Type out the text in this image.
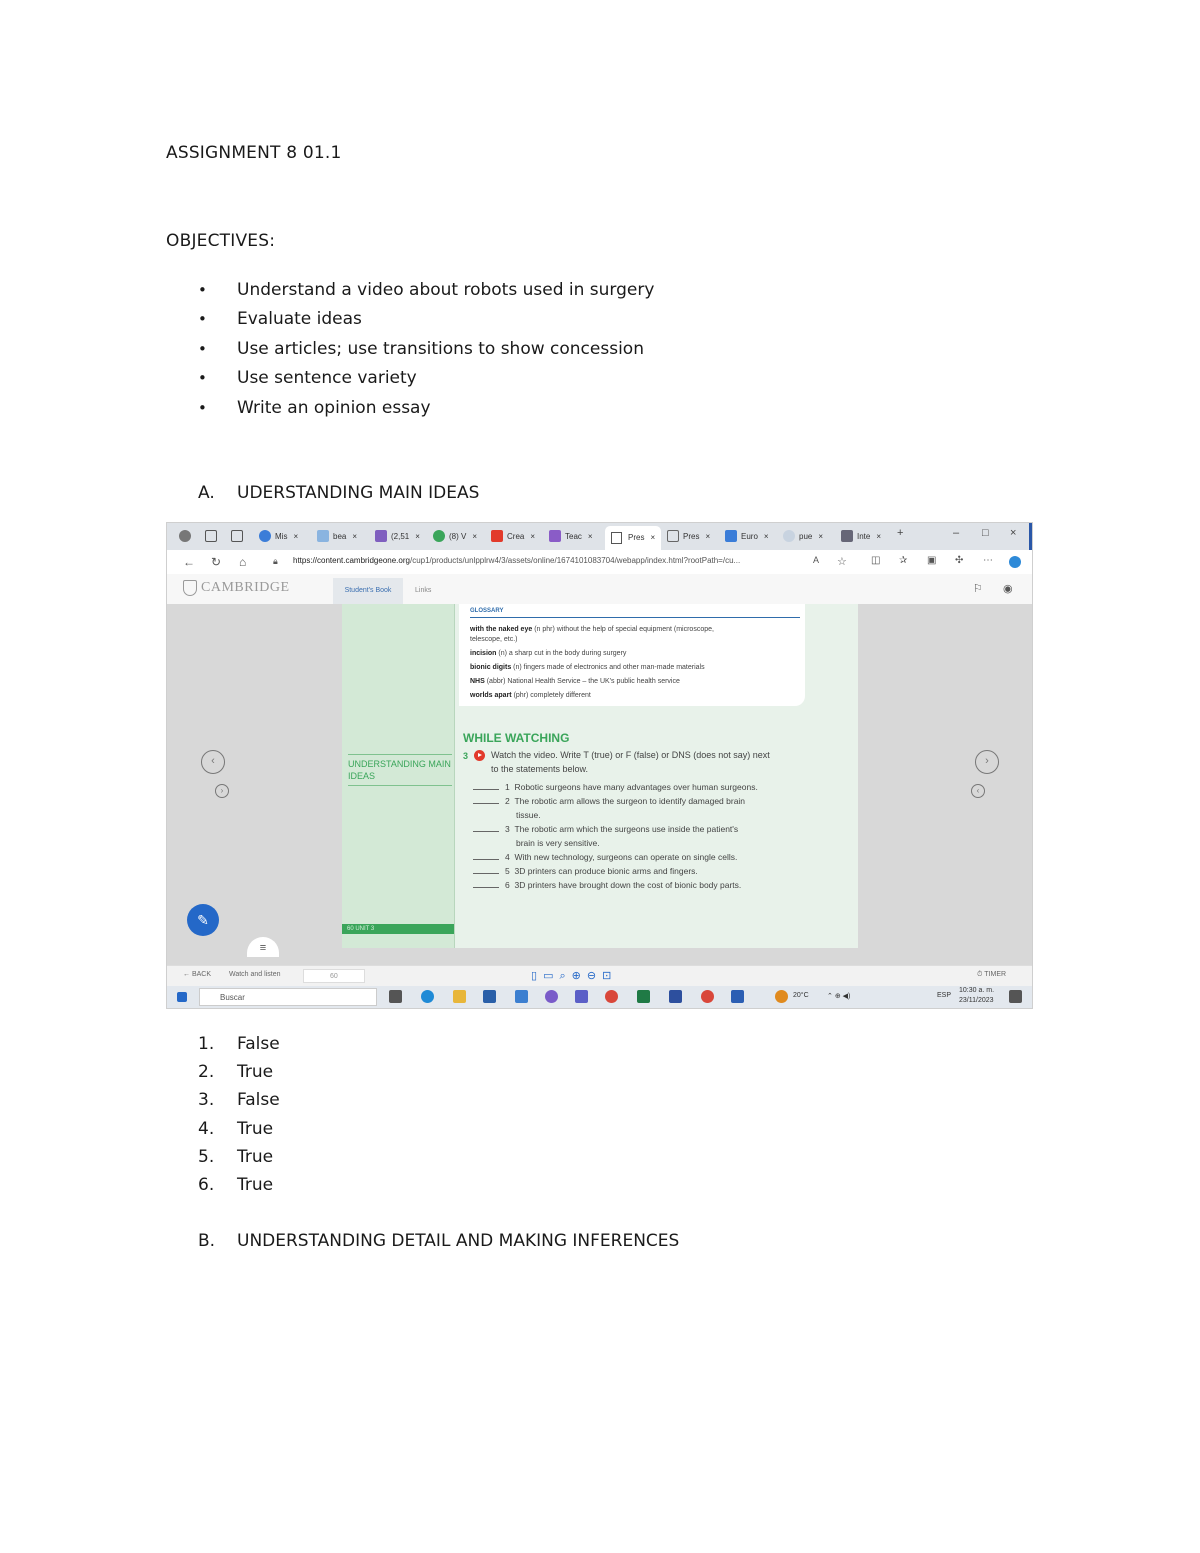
ASSIGNMENT 8 01.1
OBJECTIVES:
• Understand a video about robots used in surgery
• Evaluate ideas
• Use articles; use transitions to show concession
• Use sentence variety
• Write an opinion essay
A. UDERSTANDING MAIN IDEAS
Mis ×	bea ×	(2,51 ×	(8) V ×	Crea ×	Teac ×	Pres ×	Pres ×	Euro ×	pue ×	Inte ×	+	– □ ×
← ↻ ⌂	🔒︎ https://content.cambridgeone.org/cup1/products/unlpplrw4/3/assets/online/1674101083704/webapp/index.html?rootPath=/cu...	A ☆ ◫ ✰ ▣ ✣ ⋯
CAMBRIDGE	Student's Book	Links	⚐ ◉
‹
›
›
‹
✎
≡
UNDERSTANDING MAIN IDEAS
60 UNIT 3
GLOSSARY
with the naked eye (n phr) without the help of special equipment (microscope,
telescope, etc.)
incision (n) a sharp cut in the body during surgery
bionic digits (n) fingers made of electronics and other man-made materials
NHS (abbr) National Health Service – the UK's public health service
worlds apart (phr) completely different
WHILE WATCHING
3	Watch the video. Write T (true) or F (false) or DNS (does not say) next
to the statements below.
1 Robotic surgeons have many advantages over human surgeons.
2 The robotic arm allows the surgeon to identify damaged brain
tissue.
3 The robotic arm which the surgeons use inside the patient's
brain is very sensitive.
4 With new technology, surgeons can operate on single cells.
5 3D printers can produce bionic arms and fingers.
6 3D printers have brought down the cost of bionic body parts.
← BACK	Watch and listen	60	▯▭⌕⊕⊖⊡	⏱ TIMER
Buscar	20°C	⌃ ⊕ ◀)	ESP
10:30 a. m.
23/11/2023
1. False
2. True
3. False
4. True
5. True
6. True
B. UNDERSTANDING DETAIL AND MAKING INFERENCES
